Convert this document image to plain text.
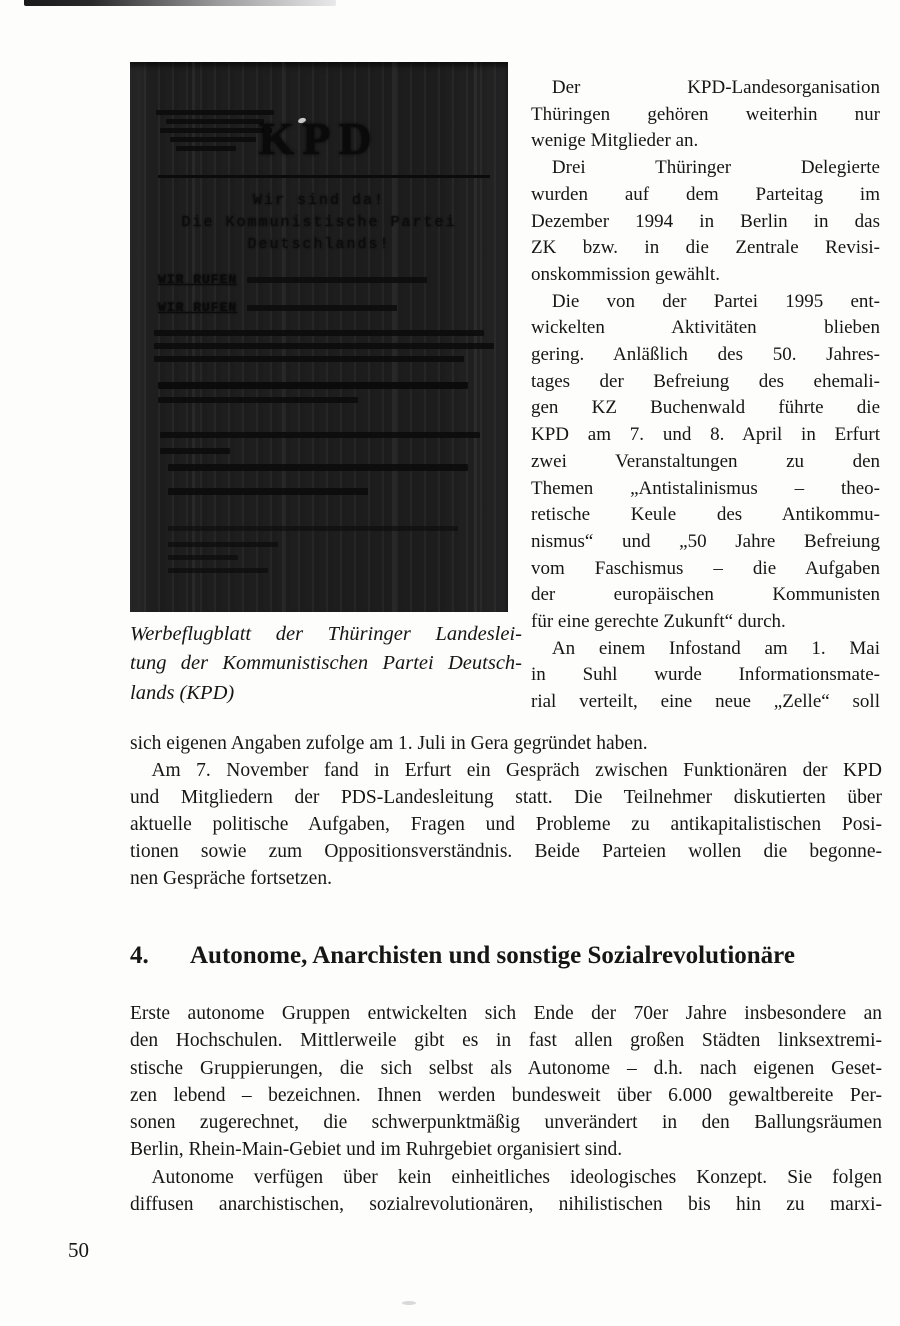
KPD
Wir sind da!
Die Kommunistische Partei
Deutschlands!
WIR RUFEN
WIR RUFEN
Werbeflugblatt der Thüringer Landeslei-
tung der Kommunistischen Partei Deutsch-
lands (KPD)
Der KPD-Landesorganisation
Thüringen gehören weiterhin nur
wenige Mitglieder an.
Drei Thüringer Delegierte
wurden auf dem Parteitag im
Dezember 1994 in Berlin in das
ZK bzw. in die Zentrale Revisi-
onskommission gewählt.
Die von der Partei 1995 ent-
wickelten Aktivitäten blieben
gering. Anläßlich des 50. Jahres-
tages der Befreiung des ehemali-
gen KZ Buchenwald führte die
KPD am 7. und 8. April in Erfurt
zwei Veranstaltungen zu den
Themen „Antistalinismus – theo-
retische Keule des Antikommu-
nismus“ und „50 Jahre Befreiung
vom Faschismus – die Aufgaben
der europäischen Kommunisten
für eine gerechte Zukunft“ durch.
An einem Infostand am 1. Mai
in Suhl wurde Informationsmate-
rial verteilt, eine neue „Zelle“ soll
sich eigenen Angaben zufolge am 1. Juli in Gera gegründet haben.
Am 7. November fand in Erfurt ein Gespräch zwischen Funktionären der KPD
und Mitgliedern der PDS-Landesleitung statt. Die Teilnehmer diskutierten über
aktuelle politische Aufgaben, Fragen und Probleme zu antikapitalistischen Posi-
tionen sowie zum Oppositionsverständnis. Beide Parteien wollen die begonne-
nen Gespräche fortsetzen.
4. Autonome, Anarchisten und sonstige Sozialrevolutionäre
Erste autonome Gruppen entwickelten sich Ende der 70er Jahre insbesondere an
den Hochschulen. Mittlerweile gibt es in fast allen großen Städten linksextremi-
stische Gruppierungen, die sich selbst als Autonome – d.h. nach eigenen Geset-
zen lebend – bezeichnen. Ihnen werden bundesweit über 6.000 gewaltbereite Per-
sonen zugerechnet, die schwerpunktmäßig unverändert in den Ballungsräumen
Berlin, Rhein-Main-Gebiet und im Ruhrgebiet organisiert sind.
Autonome verfügen über kein einheitliches ideologisches Konzept. Sie folgen
diffusen anarchistischen, sozialrevolutionären, nihilistischen bis hin zu marxi-
50
